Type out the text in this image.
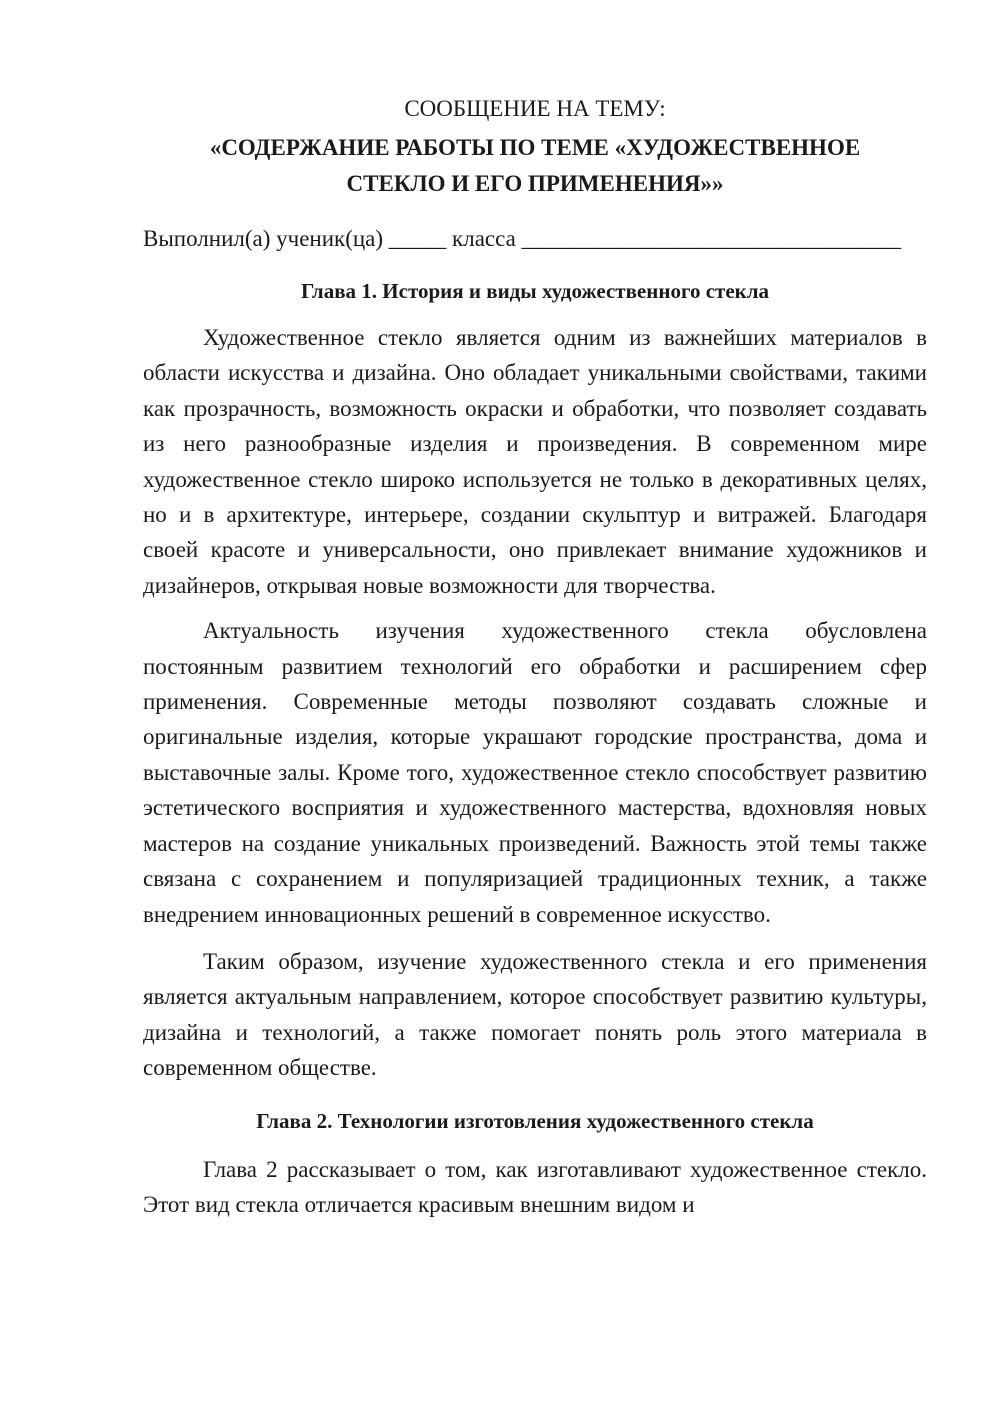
СООБЩЕНИЕ НА ТЕМУ:

«СОДЕРЖАНИЕ РАБОТЫ ПО ТЕМЕ «ХУДОЖЕСТВЕННОЕ
СТЕКЛО И ЕГО ПРИМЕНЕНИЯ»»

Выполнил(а) ученик(ца) _____ класса _________________________________

Глава 1. История и виды художественного стекла

Художественное стекло является одним из важнейших материалов в области искусства и дизайна. Оно обладает уникальными свойствами, такими как прозрачность, возможность окраски и обработки, что позволяет создавать из него разнообразные изделия и произведения. В современном мире художественное стекло широко используется не только в декоративных целях, но и в архитектуре, интерьере, создании скульптур и витражей. Благодаря своей красоте и универсальности, оно привлекает внимание художников и дизайнеров, открывая новые возможности для творчества.

Актуальность изучения художественного стекла обусловлена постоянным развитием технологий его обработки и расширением сфер применения. Современные методы позволяют создавать сложные и оригинальные изделия, которые украшают городские пространства, дома и выставочные залы. Кроме того, художественное стекло способствует развитию эстетического восприятия и художественного мастерства, вдохновляя новых мастеров на создание уникальных произведений. Важность этой темы также связана с сохранением и популяризацией традиционных техник, а также внедрением инновационных решений в современное искусство.

Таким образом, изучение художественного стекла и его применения является актуальным направлением, которое способствует развитию культуры, дизайна и технологий, а также помогает понять роль этого материала в современном обществе.

Глава 2. Технологии изготовления художественного стекла

Глава 2 рассказывает о том, как изготавливают художественное стекло. Этот вид стекла отличается красивым внешним видом и
